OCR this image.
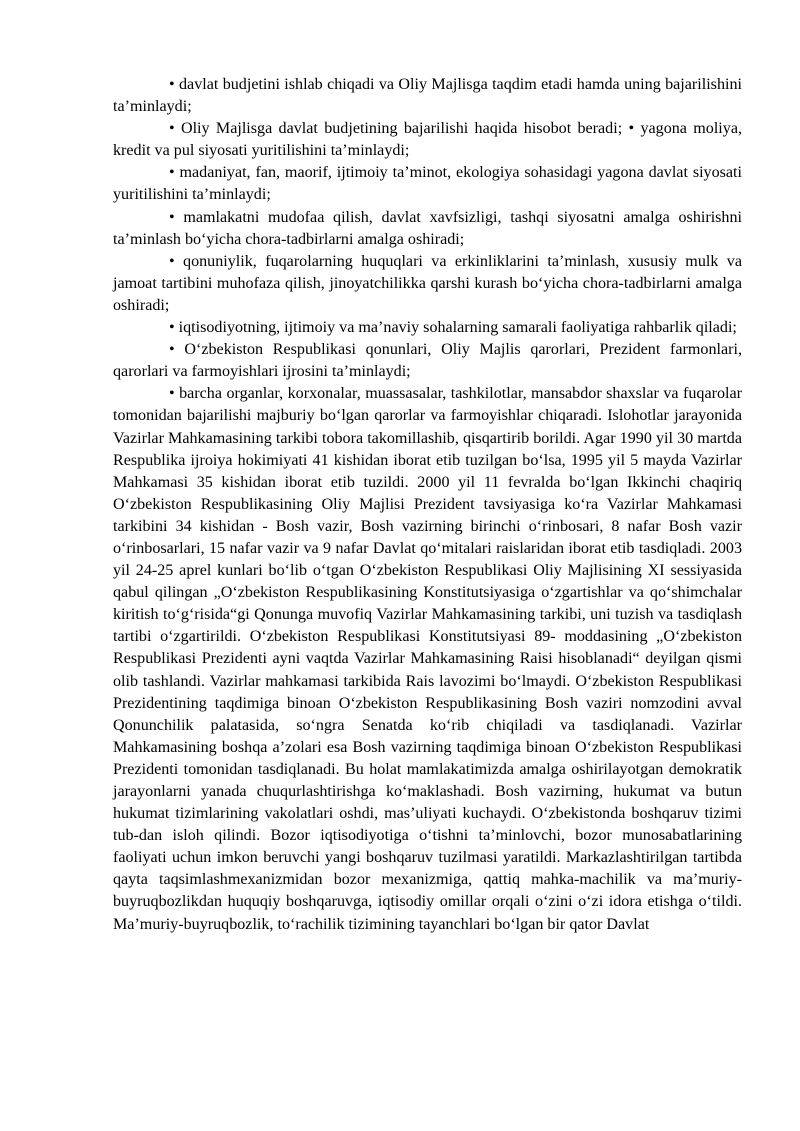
• davlat budjetini ishlab chiqadi va Oliy Majlisga taqdim etadi hamda uning bajarilishini ta’minlaydi;

• Oliy Majlisga davlat budjetining bajarilishi haqida hisobot beradi; • yagona moliya, kredit va pul siyosati yuritilishini ta’minlaydi;

• madaniyat, fan, maorif, ijtimoiy ta’minot, ekologiya sohasidagi yagona davlat siyosati yuritilishini ta’minlaydi;

• mamlakatni mudofaa qilish, davlat xavfsizligi, tashqi siyosatni amalga oshirishni ta’minlash bo‘yicha chora-tadbirlarni amalga oshiradi;

• qonuniylik, fuqarolarning huquqlari va erkinliklarini ta’minlash, xususiy mulk va jamoat tartibini muhofaza qilish, jinoyatchilikka qarshi kurash bo‘yicha chora-tadbirlarni amalga oshiradi;

• iqtisodiyotning, ijtimoiy va ma’naviy sohalarning samarali faoliyatiga rahbarlik qiladi;

• O‘zbekiston Respublikasi qonunlari, Oliy Majlis qarorlari, Prezident farmonlari, qarorlari va farmoyishlari ijrosini ta’minlaydi;

• barcha organlar, korxonalar, muassasalar, tashkilotlar, mansabdor shaxslar va fuqarolar tomonidan bajarilishi majburiy bo‘lgan qarorlar va farmoyishlar chiqaradi. Islohotlar jarayonida Vazirlar Mahkamasining tarkibi tobora takomillashib, qisqartirib borildi. Agar 1990 yil 30 martda Respublika ijroiya hokimiyati 41 kishidan iborat etib tuzilgan bo‘lsa, 1995 yil 5 mayda Vazirlar Mahkamasi 35 kishidan iborat etib tuzildi. 2000 yil 11 fevralda bo‘lgan Ikkinchi chaqiriq O‘zbekiston Respublikasining Oliy Majlisi Prezident tavsiyasiga ko‘ra Vazirlar Mahkamasi tarkibini 34 kishidan - Bosh vazir, Bosh vazirning birinchi o‘rinbosari, 8 nafar Bosh vazir o‘rinbosarlari, 15 nafar vazir va 9 nafar Davlat qo‘mitalari raislaridan iborat etib tasdiqladi. 2003 yil 24-25 aprel kunlari bo‘lib o‘tgan O‘zbekiston Respublikasi Oliy Majlisining XI sessiyasida qabul qilingan „O‘zbekiston Respublikasining Konstitutsiyasiga o‘zgartishlar va qo‘shimchalar kiritish to‘g‘risida“gi Qonunga muvofiq Vazirlar Mahkamasining tarkibi, uni tuzish va tasdiqlash tartibi o‘zgartirildi. O‘zbekiston Respublikasi Konstitutsiyasi 89- moddasining „O‘zbekiston Respublikasi Prezidenti ayni vaqtda Vazirlar Mahkamasining Raisi hisoblanadi“ deyilgan qismi olib tashlandi. Vazirlar mahkamasi tarkibida Rais lavozimi bo‘lmaydi. O‘zbekiston Respublikasi Prezidentining taqdimiga binoan O‘zbekiston Respublikasining Bosh vaziri nomzodini avval Qonunchilik palatasida, so‘ngra Senatda ko‘rib chiqiladi va tasdiqlanadi. Vazirlar Mahkamasining boshqa a’zolari esa Bosh vazirning taqdimiga binoan O‘zbekiston Respublikasi Prezidenti tomonidan tasdiqlanadi. Bu holat mamlakatimizda amalga oshirilayotgan demokratik jarayonlarni yanada chuqurlashtirishga ko‘maklashadi. Bosh vazirning, hukumat va butun hukumat tizimlarining vakolatlari oshdi, mas’uliyati kuchaydi. O‘zbekistonda boshqaruv tizimi tub-dan isloh qilindi. Bozor iqtisodiyotiga o‘tishni ta’minlovchi, bozor munosabatlarining faoliyati uchun imkon beruvchi yangi boshqaruv tuzilmasi yaratildi. Markazlashtirilgan tartibda qayta taqsimlashmexanizmidan bozor mexanizmiga, qattiq mahka-machilik va ma’muriy-buyruqbozlikdan huquqiy boshqaruvga, iqtisodiy omillar orqali o‘zini o‘zi idora etishga o‘tildi. Ma’muriy-buyruqbozlik, to‘rachilik tizimining tayanchlari bo‘lgan bir qator Davlat
